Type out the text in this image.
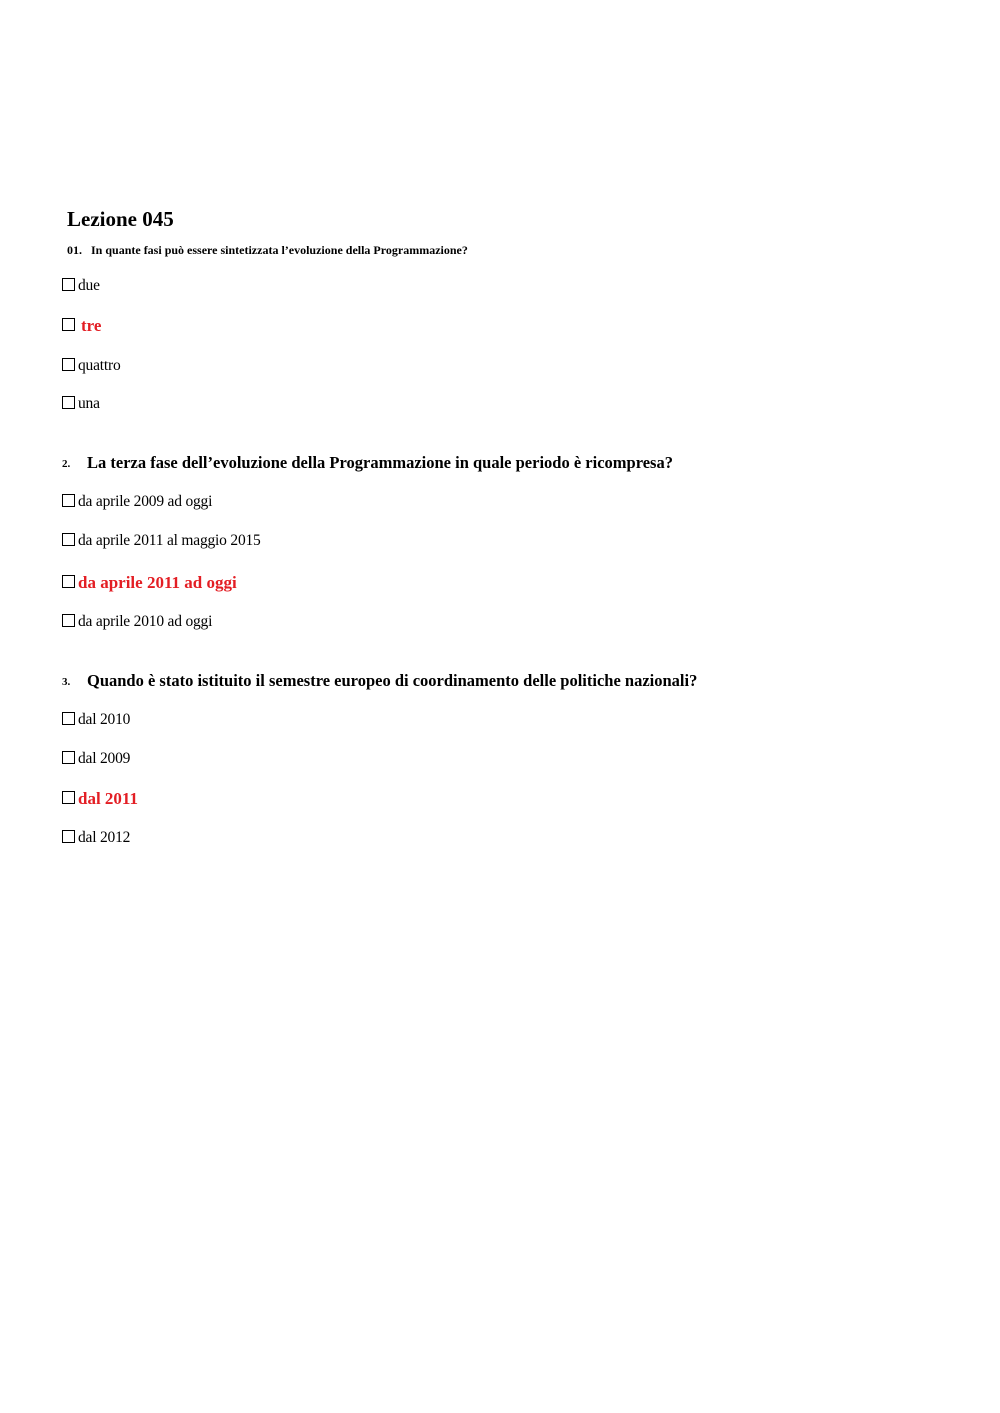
Lezione 045
01. In quante fasi può essere sintetizzata l’evoluzione della Programmazione?
due
tre
quattro
una
2. La terza fase dell’evoluzione della Programmazione in quale periodo è ricompresa?
da aprile 2009 ad oggi
da aprile 2011 al maggio 2015
da aprile 2011 ad oggi
da aprile 2010 ad oggi
3. Quando è stato istituito il semestre europeo di coordinamento delle politiche nazionali?
dal 2010
dal 2009
dal 2011
dal 2012
